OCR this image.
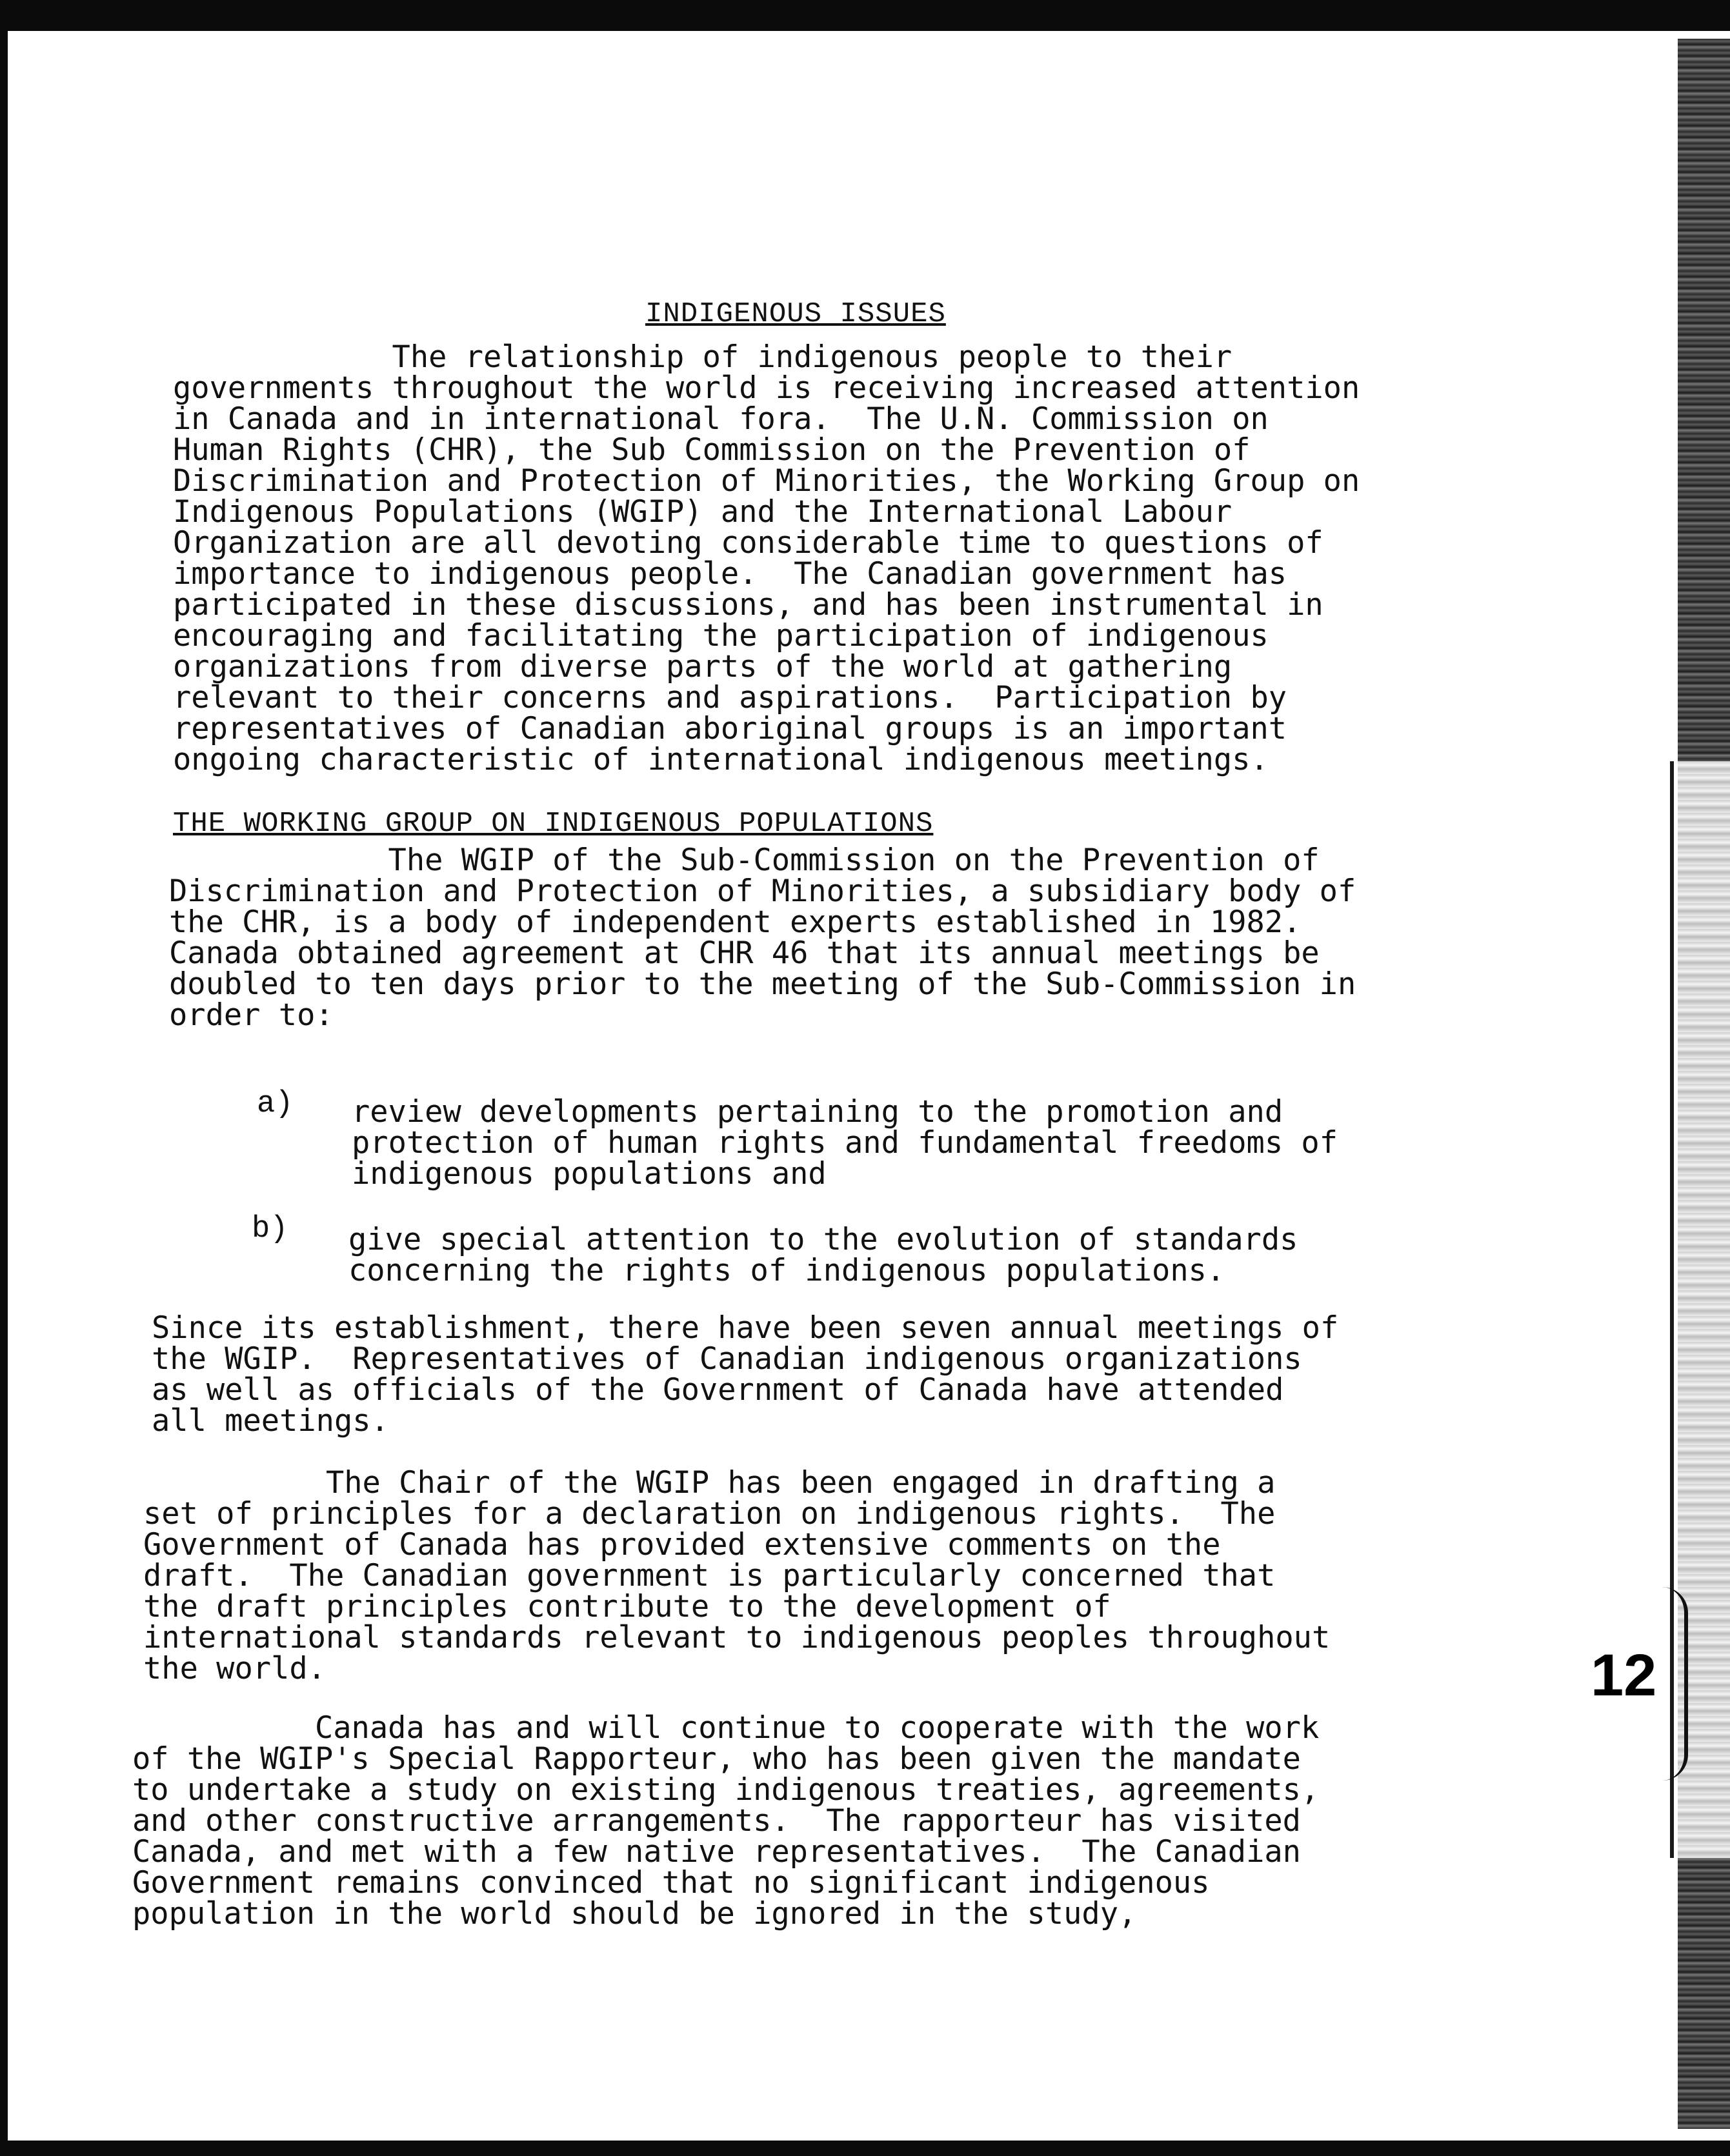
INDIGENOUS ISSUES
The relationship of indigenous people to their
governments throughout the world is receiving increased attention
in Canada and in international fora.  The U.N. Commission on
Human Rights (CHR), the Sub Commission on the Prevention of
Discrimination and Protection of Minorities, the Working Group on
Indigenous Populations (WGIP) and the International Labour
Organization are all devoting considerable time to questions of
importance to indigenous people.  The Canadian government has
participated in these discussions, and has been instrumental in
encouraging and facilitating the participation of indigenous
organizations from diverse parts of the world at gathering
relevant to their concerns and aspirations.  Participation by
representatives of Canadian aboriginal groups is an important
ongoing characteristic of international indigenous meetings.
THE WORKING GROUP ON INDIGENOUS POPULATIONS
The WGIP of the Sub-Commission on the Prevention of
Discrimination and Protection of Minorities, a subsidiary body of
the CHR, is a body of independent experts established in 1982.
Canada obtained agreement at CHR 46 that its annual meetings be
doubled to ten days prior to the meeting of the Sub-Commission in
order to:
a) review developments pertaining to the promotion and
protection of human rights and fundamental freedoms of
indigenous populations and
b) give special attention to the evolution of standards
concerning the rights of indigenous populations.
Since its establishment, there have been seven annual meetings of
the WGIP.  Representatives of Canadian indigenous organizations
as well as officials of the Government of Canada have attended
all meetings.
The Chair of the WGIP has been engaged in drafting a
set of principles for a declaration on indigenous rights.  The
Government of Canada has provided extensive comments on the
draft.  The Canadian government is particularly concerned that
the draft principles contribute to the development of
international standards relevant to indigenous peoples throughout
the world.
Canada has and will continue to cooperate with the work
of the WGIP's Special Rapporteur, who has been given the mandate
to undertake a study on existing indigenous treaties, agreements,
and other constructive arrangements.  The rapporteur has visited
Canada, and met with a few native representatives.  The Canadian
Government remains convinced that no significant indigenous
population in the world should be ignored in the study,
12
